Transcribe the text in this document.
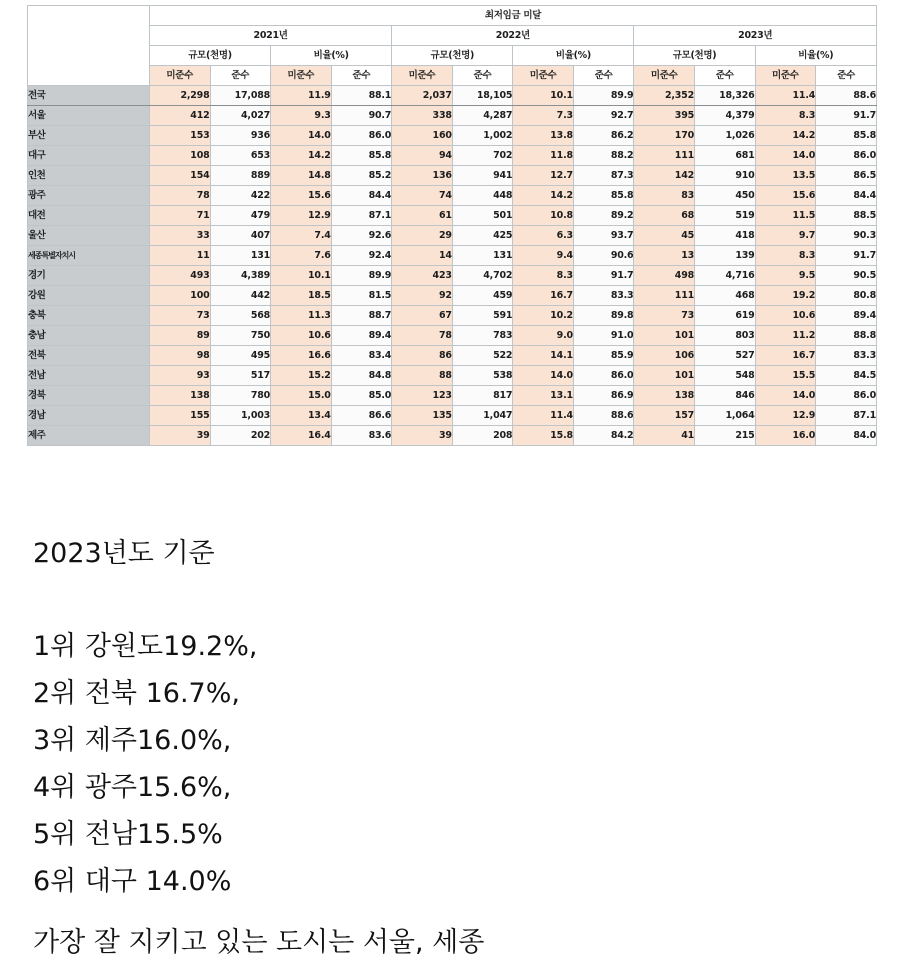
	최저임금 미달											
	2021년				2022년				2023년			
	규모(천명)		비율(%)		규모(천명)		비율(%)		규모(천명)		비율(%)	
	미준수	준수	미준수	준수	미준수	준수	미준수	준수	미준수	준수	미준수	준수
전국	2,298	17,088	11.9	88.1	2,037	18,105	10.1	89.9	2,352	18,326	11.4	88.6
서울	412	4,027	9.3	90.7	338	4,287	7.3	92.7	395	4,379	8.3	91.7
부산	153	936	14.0	86.0	160	1,002	13.8	86.2	170	1,026	14.2	85.8
대구	108	653	14.2	85.8	94	702	11.8	88.2	111	681	14.0	86.0
인천	154	889	14.8	85.2	136	941	12.7	87.3	142	910	13.5	86.5
광주	78	422	15.6	84.4	74	448	14.2	85.8	83	450	15.6	84.4
대전	71	479	12.9	87.1	61	501	10.8	89.2	68	519	11.5	88.5
울산	33	407	7.4	92.6	29	425	6.3	93.7	45	418	9.7	90.3
세종특별자치시	11	131	7.6	92.4	14	131	9.4	90.6	13	139	8.3	91.7
경기	493	4,389	10.1	89.9	423	4,702	8.3	91.7	498	4,716	9.5	90.5
강원	100	442	18.5	81.5	92	459	16.7	83.3	111	468	19.2	80.8
충북	73	568	11.3	88.7	67	591	10.2	89.8	73	619	10.6	89.4
충남	89	750	10.6	89.4	78	783	9.0	91.0	101	803	11.2	88.8
전북	98	495	16.6	83.4	86	522	14.1	85.9	106	527	16.7	83.3
전남	93	517	15.2	84.8	88	538	14.0	86.0	101	548	15.5	84.5
경북	138	780	15.0	85.0	123	817	13.1	86.9	138	846	14.0	86.0
경남	155	1,003	13.4	86.6	135	1,047	11.4	88.6	157	1,064	12.9	87.1
제주	39	202	16.4	83.6	39	208	15.8	84.2	41	215	16.0	84.0
2023년도 기준
1위 강원도19.2%,
2위 전북 16.7%,
3위 제주16.0%,
4위 광주15.6%,
5위 전남15.5%
6위 대구 14.0%
가장 잘 지키고 있는 도시는 서울, 세종
